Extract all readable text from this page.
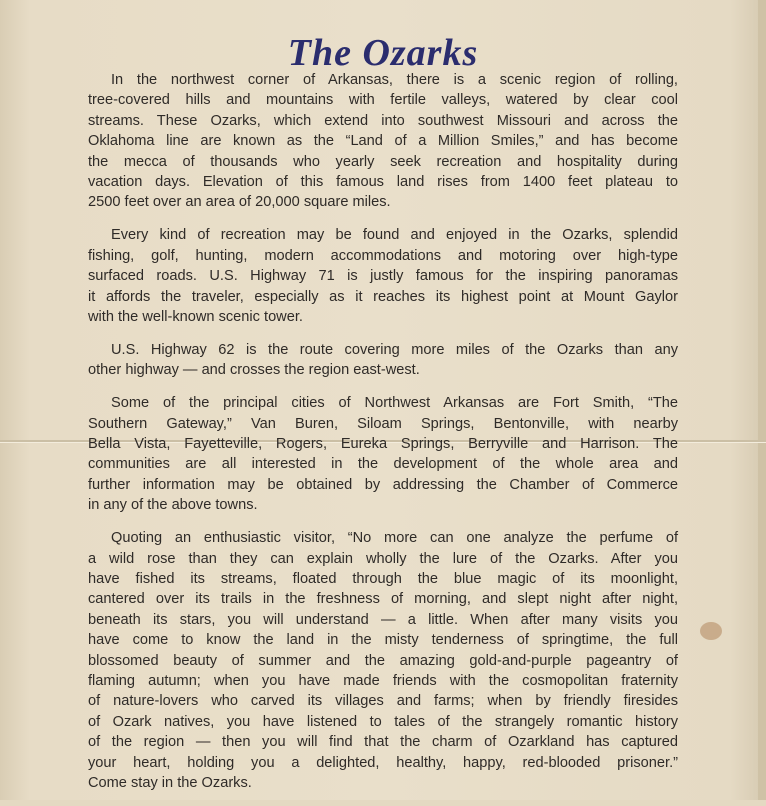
The Ozarks
In the northwest corner of Arkansas, there is a scenic region of rolling,
tree-covered hills and mountains with fertile valleys, watered by clear cool
streams. These Ozarks, which extend into southwest Missouri and across the
Oklahoma line are known as the “Land of a Million Smiles,” and has become
the mecca of thousands who yearly seek recreation and hospitality during
vacation days. Elevation of this famous land rises from 1400 feet plateau to
2500 feet over an area of 20,000 square miles.
Every kind of recreation may be found and enjoyed in the Ozarks, splendid
fishing, golf, hunting, modern accommodations and motoring over high-type
surfaced roads. U.S. Highway 71 is justly famous for the inspiring panoramas
it affords the traveler, especially as it reaches its highest point at Mount Gaylor
with the well-known scenic tower.
U.S. Highway 62 is the route covering more miles of the Ozarks than any
other highway — and crosses the region east-west.
Some of the principal cities of Northwest Arkansas are Fort Smith, “The
Southern Gateway,” Van Buren, Siloam Springs, Bentonville, with nearby
Bella Vista, Fayetteville, Rogers, Eureka Springs, Berryville and Harrison. The
communities are all interested in the development of the whole area and
further information may be obtained by addressing the Chamber of Commerce
in any of the above towns.
Quoting an enthusiastic visitor, “No more can one analyze the perfume of
a wild rose than they can explain wholly the lure of the Ozarks. After you
have fished its streams, floated through the blue magic of its moonlight,
cantered over its trails in the freshness of morning, and slept night after night,
beneath its stars, you will understand — a little. When after many visits you
have come to know the land in the misty tenderness of springtime, the full
blossomed beauty of summer and the amazing gold-and-purple pageantry of
flaming autumn; when you have made friends with the cosmopolitan fraternity
of nature-lovers who carved its villages and farms; when by friendly firesides
of Ozark natives, you have listened to tales of the strangely romantic history
of the region — then you will find that the charm of Ozarkland has captured
your heart, holding you a delighted, healthy, happy, red-blooded prisoner.”
Come stay in the Ozarks.
